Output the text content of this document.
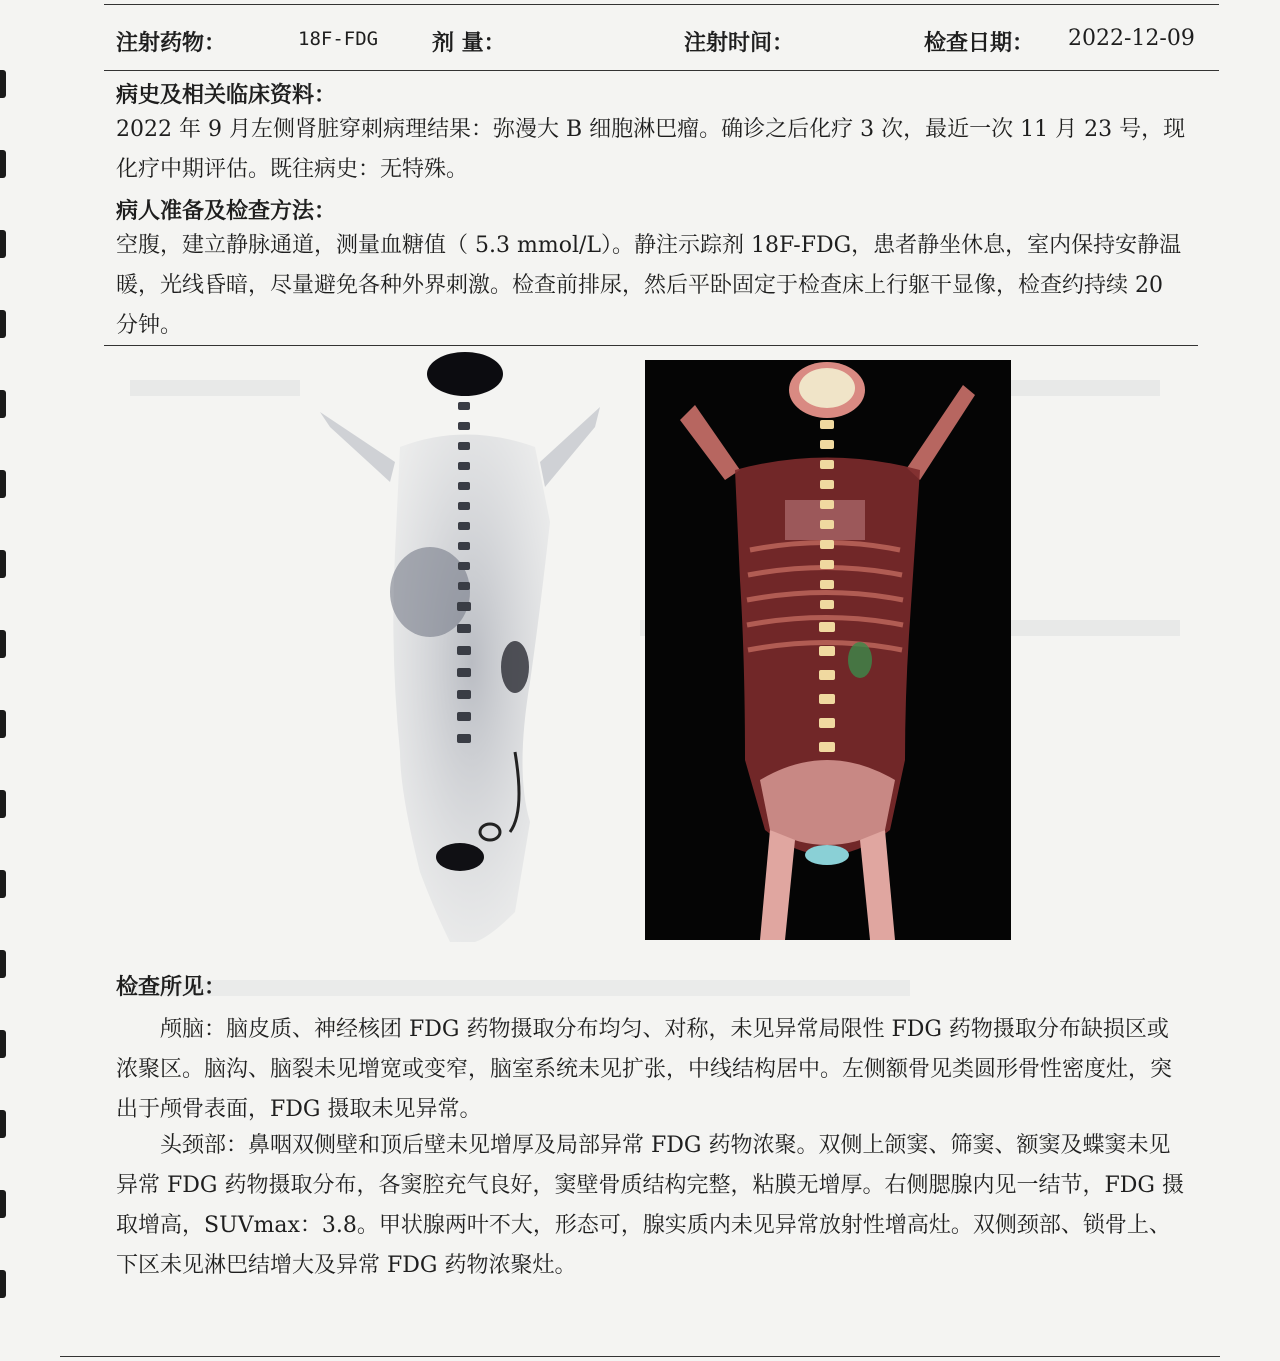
注射药物：	18F-FDG 剂 量：	注射时间：	检查日期： 2022-12-09
病史及相关临床资料：
2022 年 9 月左侧肾脏穿刺病理结果：弥漫大 B 细胞淋巴瘤。确诊之后化疗 3 次，最近一次 11 月 23 号，现化疗中期评估。既往病史：无特殊。
病人准备及检查方法：
空腹，建立静脉通道，测量血糖值（ 5.3 mmol/L）。静注示踪剂 18F-FDG，患者静坐休息，室内保持安静温暖，光线昏暗，尽量避免各种外界刺激。检查前排尿，然后平卧固定于检查床上行躯干显像，检查约持续 20 分钟。
检查所见：
颅脑：脑皮质、神经核团 FDG 药物摄取分布均匀、对称，未见异常局限性 FDG 药物摄取分布缺损区或浓聚区。脑沟、脑裂未见增宽或变窄，脑室系统未见扩张，中线结构居中。左侧额骨见类圆形骨性密度灶，突出于颅骨表面，FDG 摄取未见异常。
头颈部：鼻咽双侧壁和顶后壁未见增厚及局部异常 FDG 药物浓聚。双侧上颌窦、筛窦、额窦及蝶窦未见异常 FDG 药物摄取分布，各窦腔充气良好，窦壁骨质结构完整，粘膜无增厚。右侧腮腺内见一结节，FDG 摄取增高，SUVmax：3.8。甲状腺两叶不大，形态可，腺实质内未见异常放射性增高灶。双侧颈部、锁骨上、下区未见淋巴结增大及异常 FDG 药物浓聚灶。
